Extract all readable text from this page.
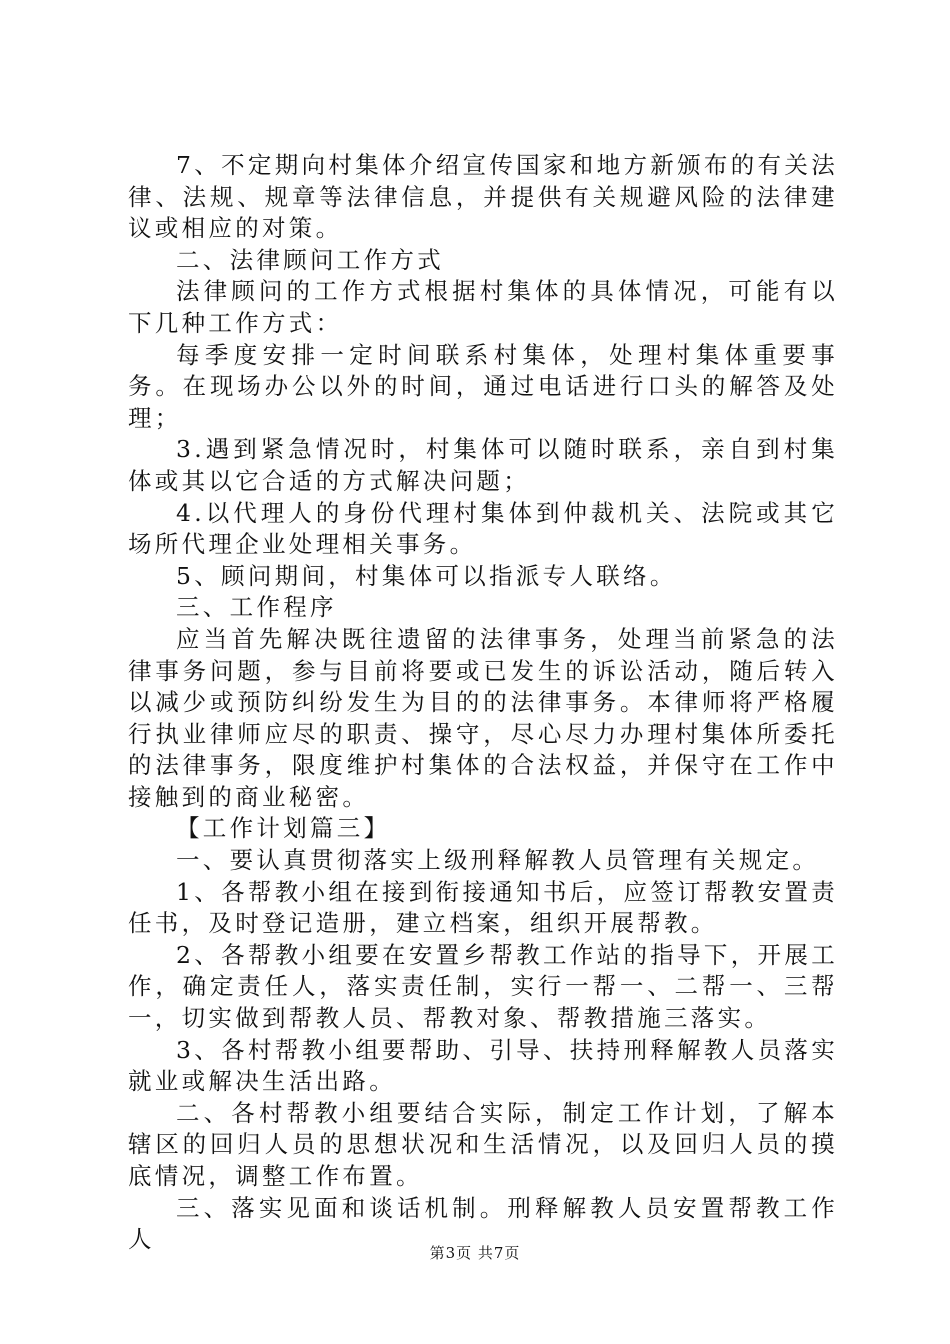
7、不定期向村集体介绍宣传国家和地方新颁布的有关法律、法规、规章等法律信息，并提供有关规避风险的法律建议或相应的对策。

二、法律顾问工作方式

法律顾问的工作方式根据村集体的具体情况，可能有以下几种工作方式：

每季度安排一定时间联系村集体，处理村集体重要事务。在现场办公以外的时间，通过电话进行口头的解答及处理；

3.遇到紧急情况时，村集体可以随时联系，亲自到村集体或其以它合适的方式解决问题；

4.以代理人的身份代理村集体到仲裁机关、法院或其它场所代理企业处理相关事务。

5、顾问期间，村集体可以指派专人联络。

三、工作程序

应当首先解决既往遗留的法律事务，处理当前紧急的法律事务问题，参与目前将要或已发生的诉讼活动，随后转入以减少或预防纠纷发生为目的的法律事务。本律师将严格履行执业律师应尽的职责、操守，尽心尽力办理村集体所委托的法律事务，限度维护村集体的合法权益，并保守在工作中接触到的商业秘密。

【工作计划篇三】

一、要认真贯彻落实上级刑释解教人员管理有关规定。

1、各帮教小组在接到衔接通知书后，应签订帮教安置责任书，及时登记造册，建立档案，组织开展帮教。

2、各帮教小组要在安置乡帮教工作站的指导下，开展工作，确定责任人，落实责任制，实行一帮一、二帮一、三帮一，切实做到帮教人员、帮教对象、帮教措施三落实。

3、各村帮教小组要帮助、引导、扶持刑释解教人员落实就业或解决生活出路。

二、各村帮教小组要结合实际，制定工作计划，了解本辖区的回归人员的思想状况和生活情况，以及回归人员的摸底情况，调整工作布置。

三、落实见面和谈话机制。刑释解教人员安置帮教工作人	第3页 共7页
